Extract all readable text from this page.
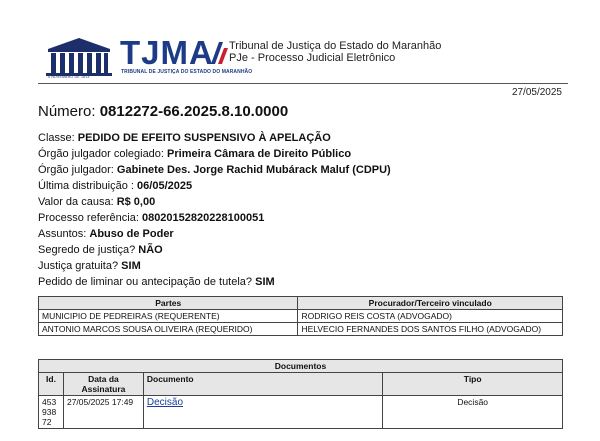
4 NOVEMBRO DE 1813
TJMA
TRIBUNAL DE JUSTIÇA DO ESTADO DO MARANHÃO
Tribunal de Justiça do Estado do Maranhão
PJe - Processo Judicial Eletrônico
27/05/2025
Número: 0812272-66.2025.8.10.0000
Classe: PEDIDO DE EFEITO SUSPENSIVO À APELAÇÃO
Órgão julgador colegiado: Primeira Câmara de Direito Público
Órgão julgador: Gabinete Des. Jorge Rachid Mubárack Maluf (CDPU)
Última distribuição : 06/05/2025
Valor da causa: R$ 0,00
Processo referência: 08020152820228100051
Assuntos: Abuso de Poder
Segredo de justiça? NÃO
Justiça gratuita? SIM
Pedido de liminar ou antecipação de tutela? SIM
Partes	Procurador/Terceiro vinculado
MUNICIPIO DE PEDREIRAS (REQUERENTE)	RODRIGO REIS COSTA (ADVOGADO)
ANTONIO MARCOS SOUSA OLIVEIRA (REQUERIDO)	HELVECIO FERNANDES DOS SANTOS FILHO (ADVOGADO)
Documentos			
Id.	Data da Assinatura	Documento	Tipo
45393872	27/05/2025 17:49	Decisão	Decisão
